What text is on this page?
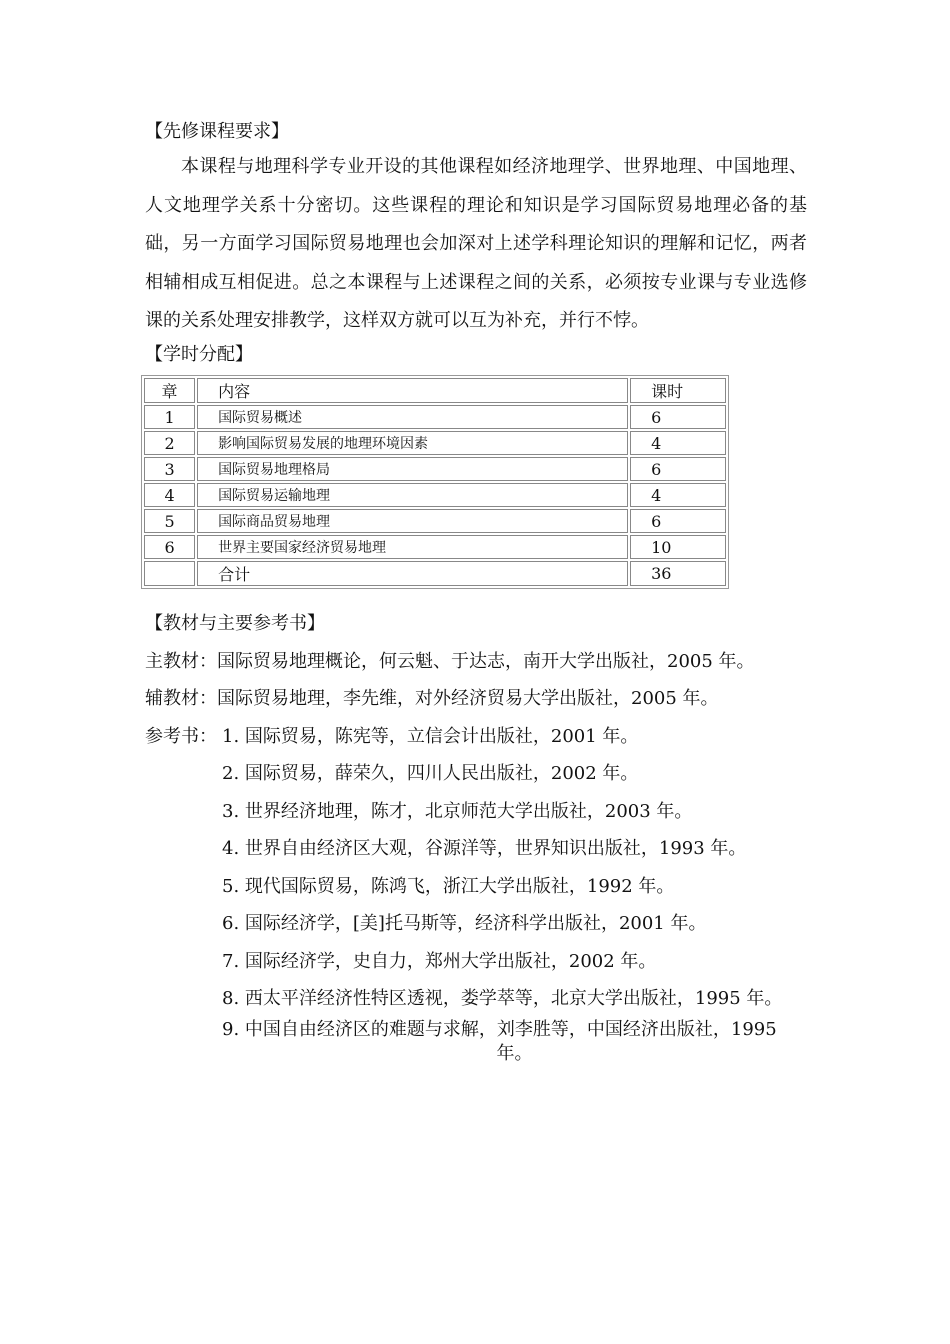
【先修课程要求】
本课程与地理科学专业开设的其他课程如经济地理学、世界地理、中国地理、人文地理学关系十分密切。这些课程的理论和知识是学习国际贸易地理必备的基础，另一方面学习国际贸易地理也会加深对上述学科理论知识的理解和记忆，两者相辅相成互相促进。总之本课程与上述课程之间的关系，必须按专业课与专业选修课的关系处理安排教学，这样双方就可以互为补充，并行不悖。
【学时分配】
章	内容	课时
1	国际贸易概述	6
2	影响国际贸易发展的地理环境因素	4
3	国际贸易地理格局	6
4	国际贸易运输地理	4
5	国际商品贸易地理	6
6	世界主要国家经济贸易地理	10
	合计	36
【教材与主要参考书】
主教材：国际贸易地理概论，何云魁、于达志，南开大学出版社，2005 年。
辅教材：国际贸易地理，李先维，对外经济贸易大学出版社，2005 年。
参考书： 1. 国际贸易，陈宪等，立信会计出版社，2001 年。
2. 国际贸易，薛荣久，四川人民出版社，2002 年。
3. 世界经济地理，陈才，北京师范大学出版社，2003 年。
4. 世界自由经济区大观，谷源洋等，世界知识出版社，1993 年。
5. 现代国际贸易，陈鸿飞，浙江大学出版社，1992 年。
6. 国际经济学，[美]托马斯等，经济科学出版社，2001 年。
7. 国际经济学，史自力，郑州大学出版社，2002 年。
8. 西太平洋经济性特区透视，娄学萃等，北京大学出版社，1995 年。
9. 中国自由经济区的难题与求解，刘李胜等，中国经济出版社，1995
年。
